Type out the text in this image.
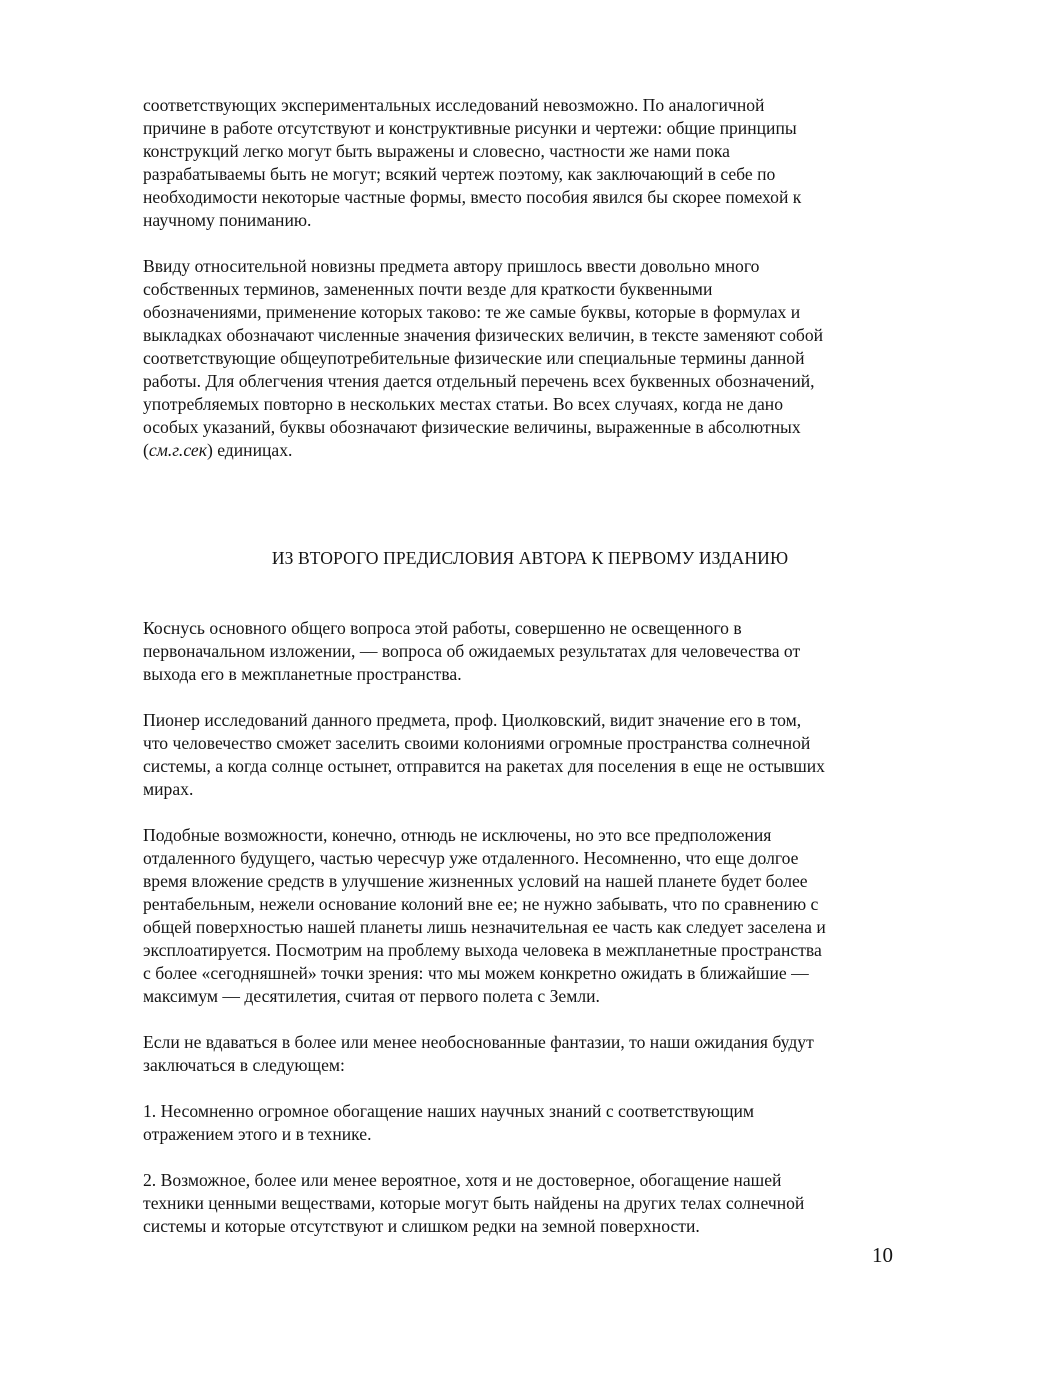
соответствующих экспериментальных исследований невозможно. По аналогичной
причине в работе отсутствуют и конструктивные рисунки и чертежи: общие принципы
конструкций легко могут быть выражены и словесно, частности же нами пока
разрабатываемы быть не могут; всякий чертеж поэтому, как заключающий в себе по
необходимости некоторые частные формы, вместо пособия явился бы скорее помехой к
научному пониманию.

Ввиду относительной новизны предмета автору пришлось ввести довольно много
собственных терминов, замененных почти везде для краткости буквенными
обозначениями, применение которых таково: те же самые буквы, которые в формулах и
выкладках обозначают численные значения физических величин, в тексте заменяют собой
соответствующие общеупотребительные физические или специальные термины данной
работы. Для облегчения чтения дается отдельный перечень всех буквенных обозначений,
употребляемых повторно в нескольких местах статьи. Во всех случаях, когда не дано
особых указаний, буквы обозначают физические величины, выраженные в абсолютных
(см.г.сек) единицах.

ИЗ ВТОРОГО ПРЕДИСЛОВИЯ АВТОРА К ПЕРВОМУ ИЗДАНИЮ

Коснусь основного общего вопроса этой работы, совершенно не освещенного в
первоначальном изложении, — вопроса об ожидаемых результатах для человечества от
выхода его в межпланетные пространства.

Пионер исследований данного предмета, проф. Циолковский, видит значение его в том,
что человечество сможет заселить своими колониями огромные пространства солнечной
системы, а когда солнце остынет, отправится на ракетах для поселения в еще не остывших
мирах.

Подобные возможности, конечно, отнюдь не исключены, но это все предположения
отдаленного будущего, частью чересчур уже отдаленного. Несомненно, что еще долгое
время вложение средств в улучшение жизненных условий на нашей планете будет более
рентабельным, нежели основание колоний вне ее; не нужно забывать, что по сравнению с
общей поверхностью нашей планеты лишь незначительная ее часть как следует заселена и
эксплоатируется. Посмотрим на проблему выхода человека в межпланетные пространства
с более «сегодняшней» точки зрения: что мы можем конкретно ожидать в ближайшие —
максимум — десятилетия, считая от первого полета с Земли.

Если не вдаваться в более или менее необоснованные фантазии, то наши ожидания будут
заключаться в следующем:

1. Несомненно огромное обогащение наших научных знаний с соответствующим
отражением этого и в технике.

2. Возможное, более или менее вероятное, хотя и не достоверное, обогащение нашей
техники ценными веществами, которые могут быть найдены на других телах солнечной
системы и которые отсутствуют и слишком редки на земной поверхности.

10
